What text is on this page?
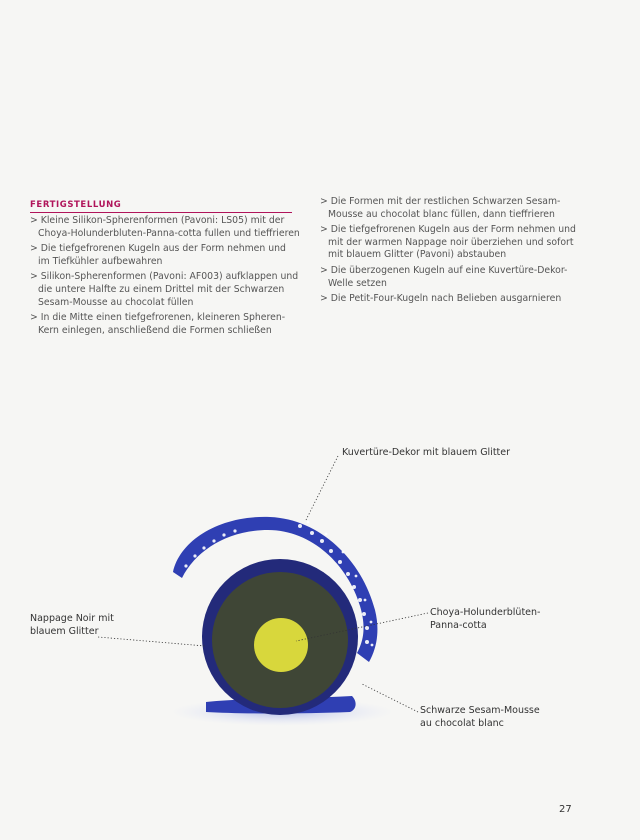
FERTIGSTELLUNG
> Kleine Silikon-Spherenformen (Pavoni: LS05) mit der Choya-Holunderbluten-Panna-cotta fullen und tieffrieren
> Die tiefgefrorenen Kugeln aus der Form nehmen und im Tiefkühler aufbewahren
> Silikon-Spherenformen (Pavoni: AF003) aufklappen und die untere Halfte zu einem Drittel mit der Schwarzen Sesam-Mousse au chocolat füllen
> In die Mitte einen tiefgefrorenen, kleineren Spheren-Kern einlegen, anschließend die Formen schließen
> Die Formen mit der restlichen Schwarzen Sesam-Mousse au chocolat blanc füllen, dann tieffrieren
> Die tiefgefrorenen Kugeln aus der Form nehmen und mit der warmen Nappage noir überziehen und sofort mit blauem Glitter (Pavoni) abstauben
> Die überzogenen Kugeln auf eine Kuvertüre-Dekor-Welle setzen
> Die Petit-Four-Kugeln nach Belieben ausgarnieren
Kuvertüre-Dekor mit blauem Glitter
Nappage Noir mit
blauem Glitter
Choya-Holunderblüten-
Panna-cotta
Schwarze Sesam-Mousse
au chocolat blanc
27
